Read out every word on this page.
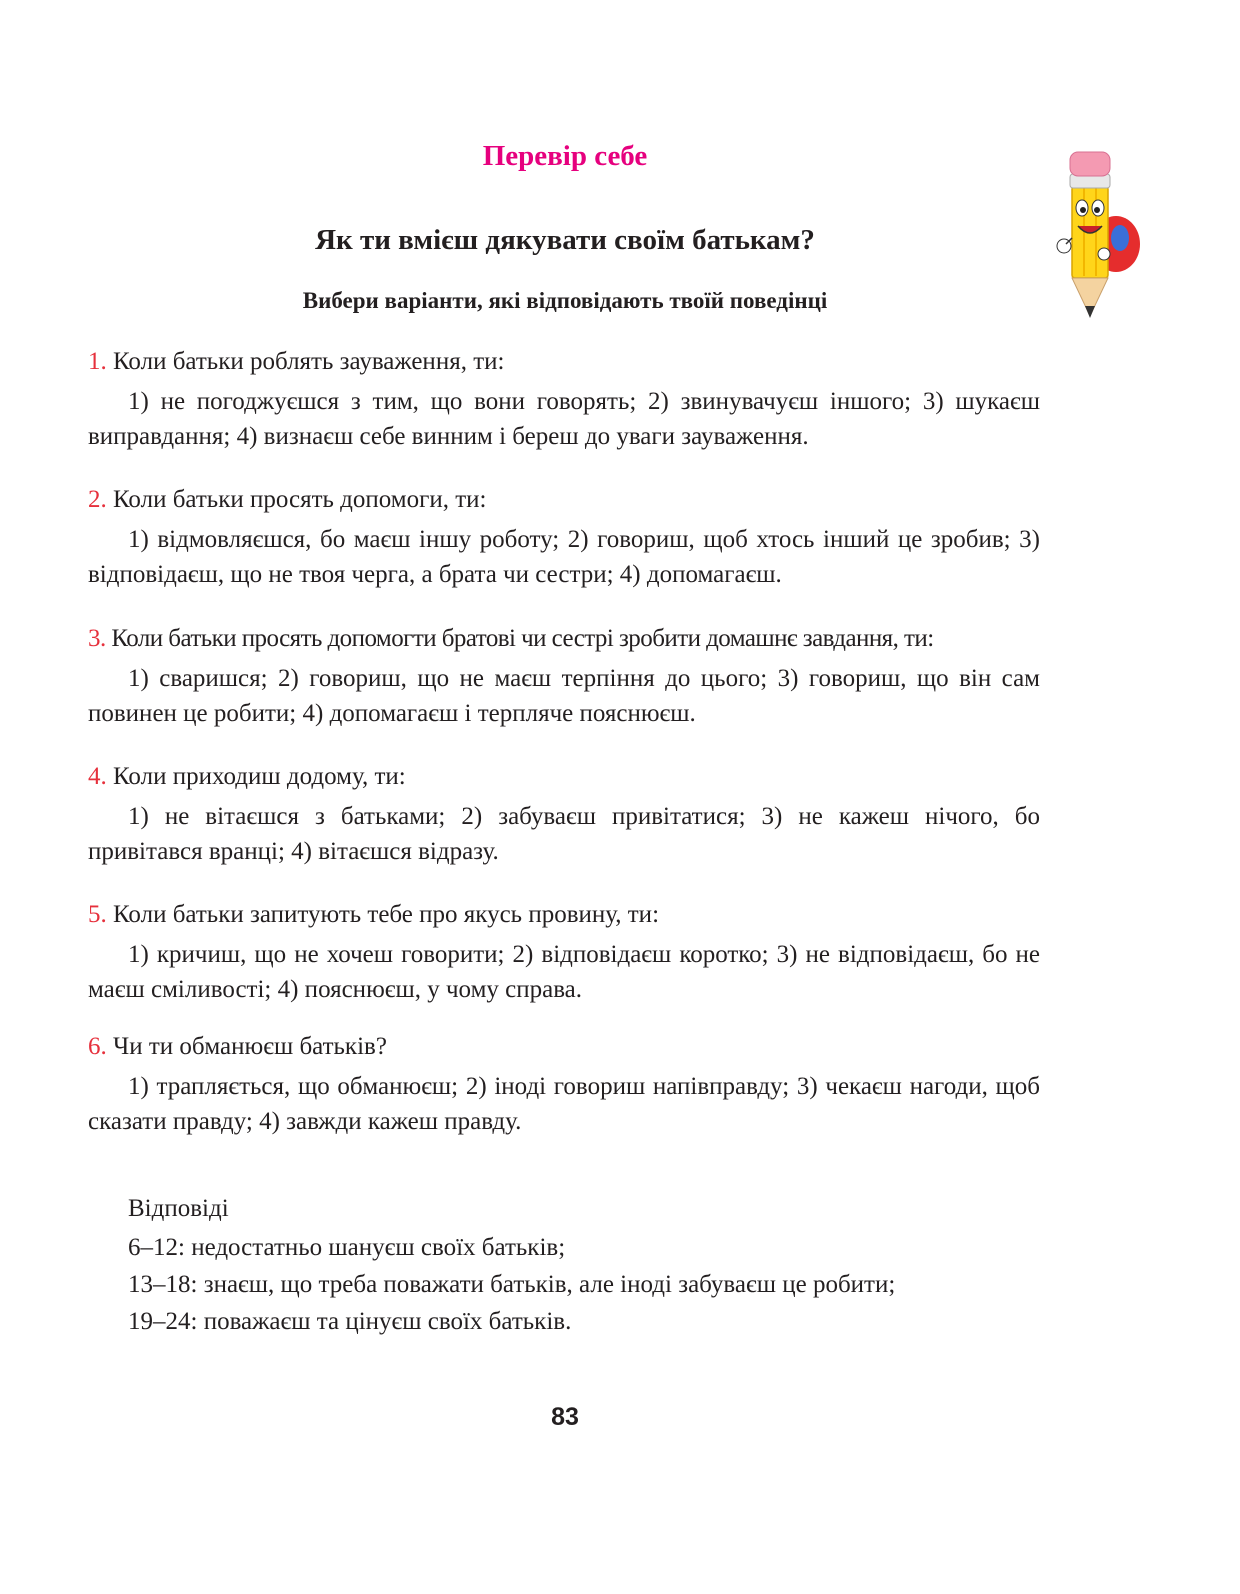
Перевір себе
Як ти вмієш дякувати своїм батькам?
Вибери варіанти, які відповідають твоїй поведінці
1. Коли батьки роблять зауваження, ти:
1) не погоджуєшся з тим, що вони говорять; 2) звинувачуєш іншого; 3) шукаєш виправдання; 4) визнаєш себе винним і береш до уваги зауваження.
2. Коли батьки просять допомоги, ти:
1) відмовляєшся, бо маєш іншу роботу; 2) говориш, щоб хтось інший це зробив; 3) відповідаєш, що не твоя черга, а брата чи сестри; 4) допомагаєш.
3. Коли батьки просять допомогти братові чи сестрі зробити домашнє завдання, ти:
1) сваришся; 2) говориш, що не маєш терпіння до цього; 3) говориш, що він сам повинен це робити; 4) допомагаєш і терпляче пояснюєш.
4. Коли приходиш додому, ти:
1) не вітаєшся з батьками; 2) забуваєш привітатися; 3) не кажеш нічого, бо привітався вранці; 4) вітаєшся відразу.
5. Коли батьки запитують тебе про якусь провину, ти:
1) кричиш, що не хочеш говорити; 2) відповідаєш коротко; 3) не відповідаєш, бо не маєш сміливості; 4) пояснюєш, у чому справа.
6. Чи ти обманюєш батьків?
1) трапляється, що обманюєш; 2) іноді говориш напівправду; 3) чекаєш нагоди, щоб сказати правду; 4) завжди кажеш правду.
Відповіді
6–12: недостатньо шануєш своїх батьків;
13–18: знаєш, що треба поважати батьків, але іноді забуваєш це робити;
19–24: поважаєш та цінуєш своїх батьків.
83
